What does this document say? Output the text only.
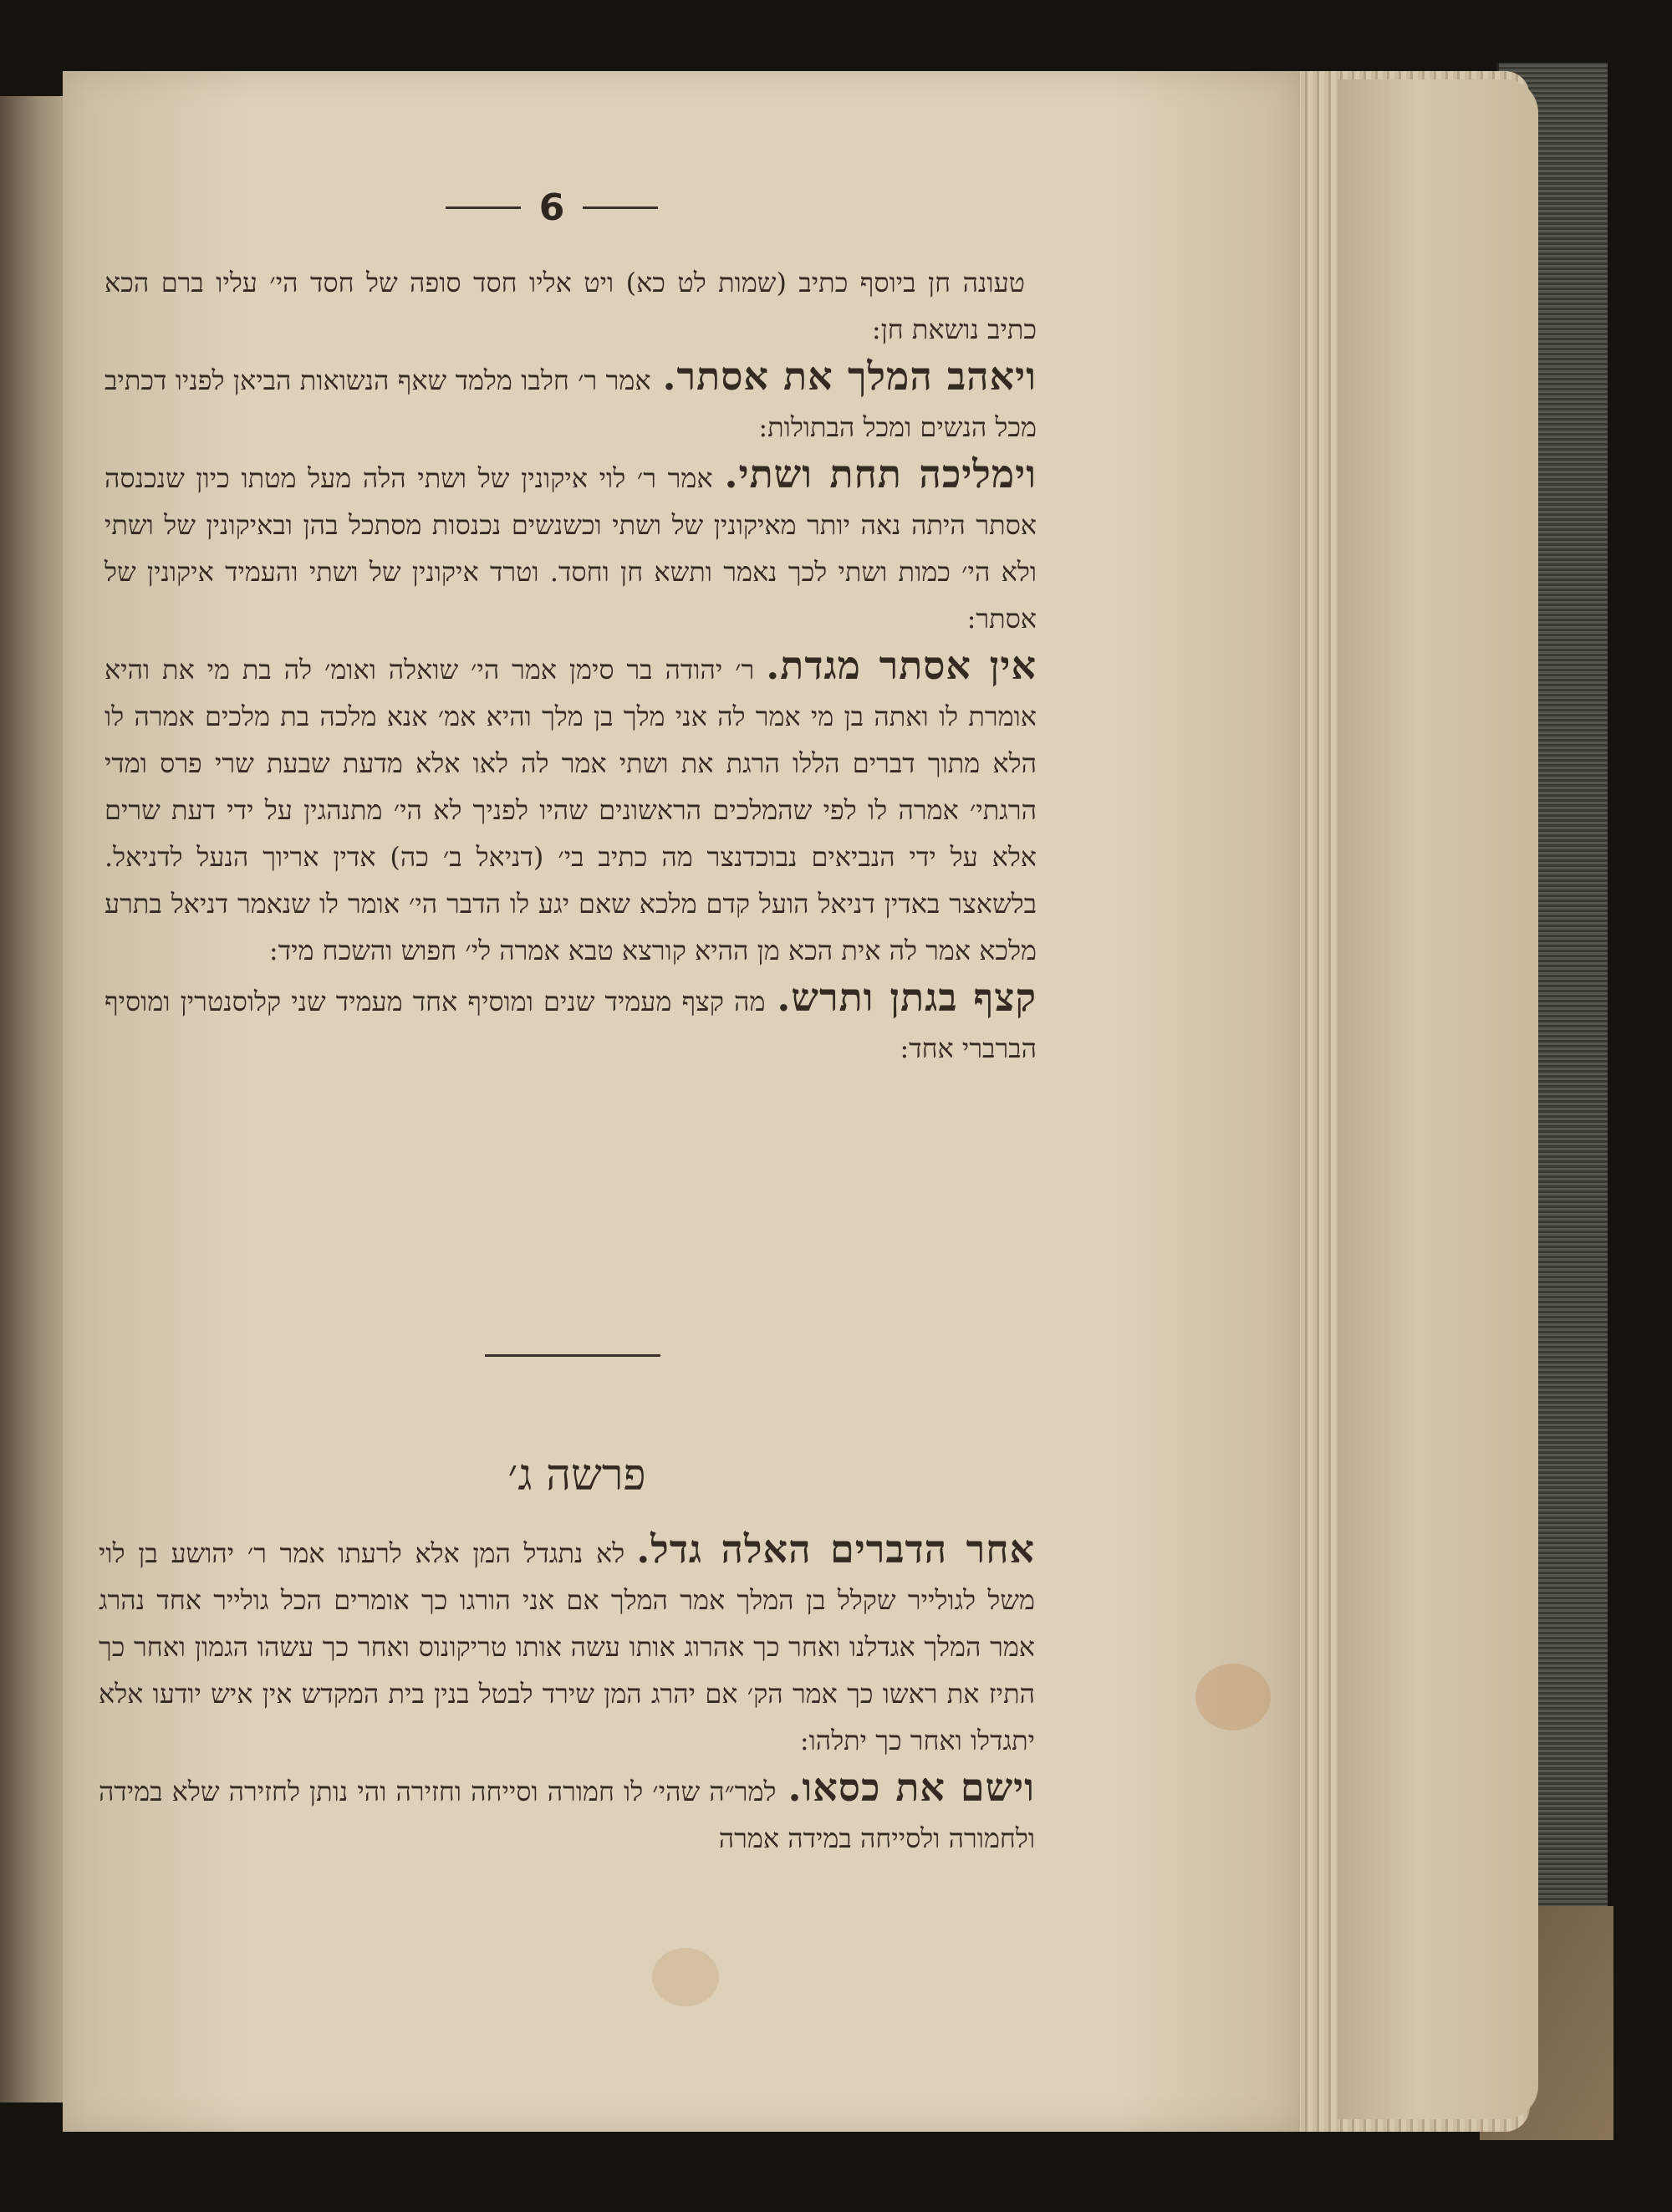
6

טעונה חן ביוסף כתיב (שמות לט כא) ויט אליו חסד סופה של חסד הי׳ עליו ברם הכא כתיב נושאת חן:

ויאהב המלך את אסתר.אמר ר׳ חלבו מלמד שאף הנשואות הביאן לפניו דכתיב מכל הנשים ומכל הבתולות:

וימליכה תחת ושתי.אמר ר׳ לוי איקונין של ושתי הלה מעל מטתו כיון שנכנסה אסתר היתה נאה יותר מאיקונין של ושתי וכשנשים נכנסות מסתכל בהן ובאיקונין של ושתי ולא הי׳ כמות ושתי לכך נאמר ותשא חן וחסד. וטרד איקונין של ושתי והעמיד איקונין של אסתר:

אין אסתר מגדת.ר׳ יהודה בר סימן אמר הי׳ שואלה ואומ׳ לה בת מי את והיא אומרת לו ואתה בן מי אמר לה אני מלך בן מלך והיא אמ׳ אנא מלכה בת מלכים אמרה לו הלא מתוך דברים הללו הרגת את ושתי אמר לה לאו אלא מדעת שבעת שרי פרס ומדי הרגתי׳ אמרה לו לפי שהמלכים הראשונים שהיו לפניך לא הי׳ מתנהגין על ידי דעת שרים אלא על ידי הנביאים נבוכדנצר מה כתיב בי׳ (דניאל ב׳ כה) אדין אריוך הנעל לדניאל. בלשאצר באדין דניאל הועל קדם מלכא שאם יגע לו הדבר הי׳ אומר לו שנאמר דניאל בתרע מלכא אמר לה אית הכא מן ההיא קורצא טבא אמרה לי׳ חפוש והשכח מיד:

קצף בגתן ותרש.מה קצף מעמיד שנים ומוסיף אחד מעמיד שני קלוסנטרין ומוסיף הברברי אחד:

פרשה ג׳

אחר הדברים האלה גדל.לא נתגדל המן אלא לרעתו אמר ר׳ יהושע בן לוי משל לגולייר שקלל בן המלך אמר המלך אם אני הורגו כך אומרים הכל גולייר אחד נהרג אמר המלך אגדלנו ואחר כך אהרוג אותו עשה אותו טריקונוס ואחר כך עשהו הגמון ואחר כך התיז את ראשו כך אמר הק׳ אם יהרג המן שירד לבטל בנין בית המקדש אין איש יודעו אלא יתגדלו ואחר כך יתלהו:

וישם את כסאו.למר״ה שהי׳ לו חמורה וסייחה וחזירה והי נותן לחזירה שלא במידה ולחמורה ולסייחה במידה אמרה
